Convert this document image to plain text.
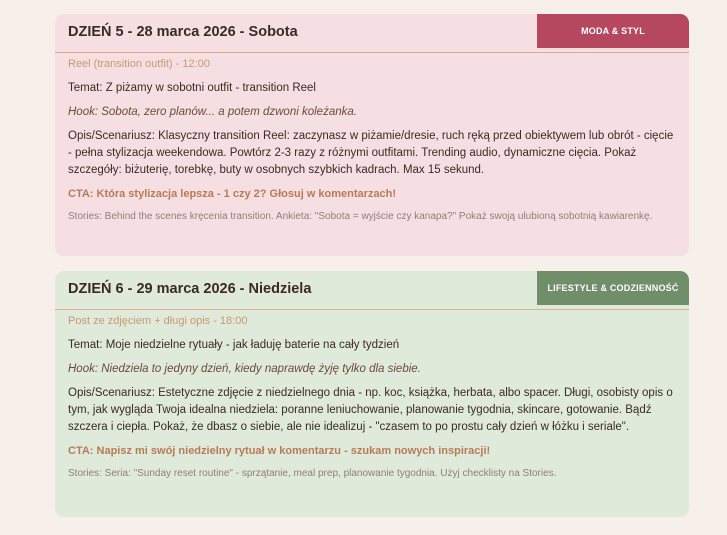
DZIEŃ 5 - 28 marca 2026 - Sobota	MODA & STYL
Reel (transition outfit) - 12:00
Temat: Z piżamy w sobotni outfit - transition Reel
Hook: Sobota, zero planów... a potem dzwoni koleżanka.
Opis/Scenariusz: Klasyczny transition Reel: zaczynasz w piżamie/dresie, ruch ręką przed obiektywem lub obrót - cięcie - pełna stylizacja weekendowa. Powtórz 2-3 razy z różnymi outfitami. Trending audio, dynamiczne cięcia. Pokaż szczegóły: biżuterię, torebkę, buty w osobnych szybkich kadrach. Max 15 sekund.
CTA: Która stylizacja lepsza - 1 czy 2? Głosuj w komentarzach!
Stories: Behind the scenes kręcenia transition. Ankieta: "Sobota = wyjście czy kanapa?" Pokaż swoją ulubioną sobotnią kawiarenkę.
DZIEŃ 6 - 29 marca 2026 - Niedziela	LIFESTYLE & CODZIENNOŚĆ
Post ze zdjęciem + długi opis - 18:00
Temat: Moje niedzielne rytuały - jak ładuję baterie na cały tydzień
Hook: Niedziela to jedyny dzień, kiedy naprawdę żyję tylko dla siebie.
Opis/Scenariusz: Estetyczne zdjęcie z niedzielnego dnia - np. koc, książka, herbata, albo spacer. Długi, osobisty opis o tym, jak wygląda Twoja idealna niedziela: poranne leniuchowanie, planowanie tygodnia, skincare, gotowanie. Bądź szczera i ciepła. Pokaż, że dbasz o siebie, ale nie idealizuj - "czasem to po prostu cały dzień w łóżku i seriale".
CTA: Napisz mi swój niedzielny rytuał w komentarzu - szukam nowych inspiracji!
Stories: Seria: "Sunday reset routine" - sprzątanie, meal prep, planowanie tygodnia. Użyj checklisty na Stories.
